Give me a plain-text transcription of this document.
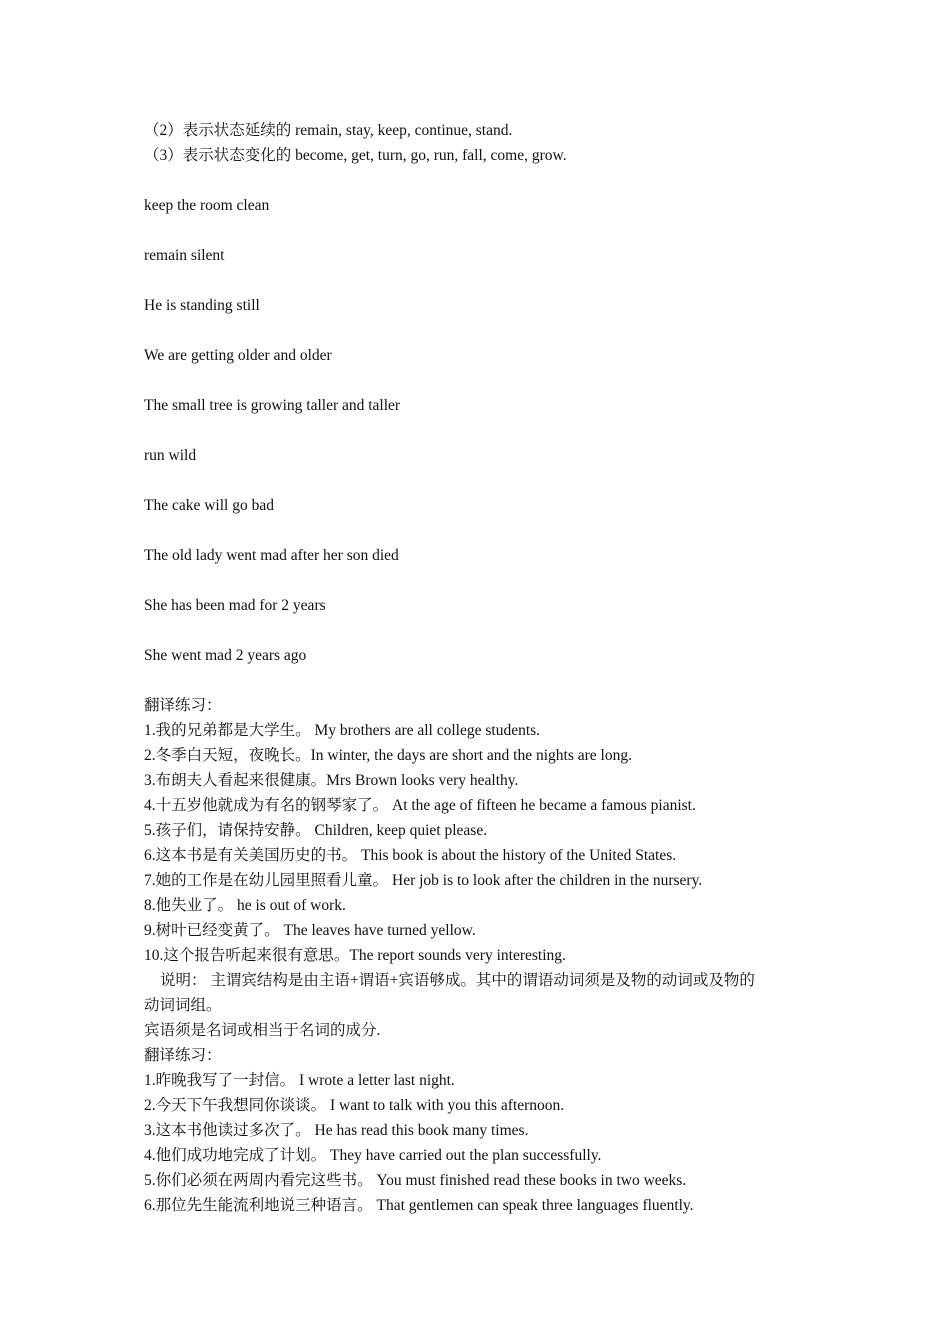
（2）表示状态延续的 remain, stay, keep, continue, stand.
（3）表示状态变化的 become, get, turn, go, run, fall, come, grow.
keep the room clean
remain silent
He is standing still
We are getting older and older
The small tree is growing taller and taller
run wild
The cake will go bad
The old lady went mad after her son died
She has been mad for 2 years
She went mad 2 years ago
翻译练习：
1.我的兄弟都是大学生。 My brothers are all college students.
2.冬季白天短，夜晚长。In winter, the days are short and the nights are long.
3.布朗夫人看起来很健康。Mrs Brown looks very healthy.
4.十五岁他就成为有名的钢琴家了。 At the age of fifteen he became a famous pianist.
5.孩子们，请保持安静。 Children, keep quiet please.
6.这本书是有关美国历史的书。 This book is about the history of the United States.
7.她的工作是在幼儿园里照看儿童。 Her job is to look after the children in the nursery.
8.他失业了。 he is out of work.
9.树叶已经变黄了。 The leaves have turned yellow.
10.这个报告听起来很有意思。The report sounds very interesting.
说明： 主谓宾结构是由主语+谓语+宾语够成。其中的谓语动词须是及物的动词或及物的
动词词组。
宾语须是名词或相当于名词的成分.
翻译练习：
1.昨晚我写了一封信。 I wrote a letter last night.
2.今天下午我想同你谈谈。 I want to talk with you this afternoon.
3.这本书他读过多次了。 He has read this book many times.
4.他们成功地完成了计划。 They have carried out the plan successfully.
5.你们必须在两周内看完这些书。 You must finished read these books in two weeks.
6.那位先生能流利地说三种语言。 That gentlemen can speak three languages fluently.
